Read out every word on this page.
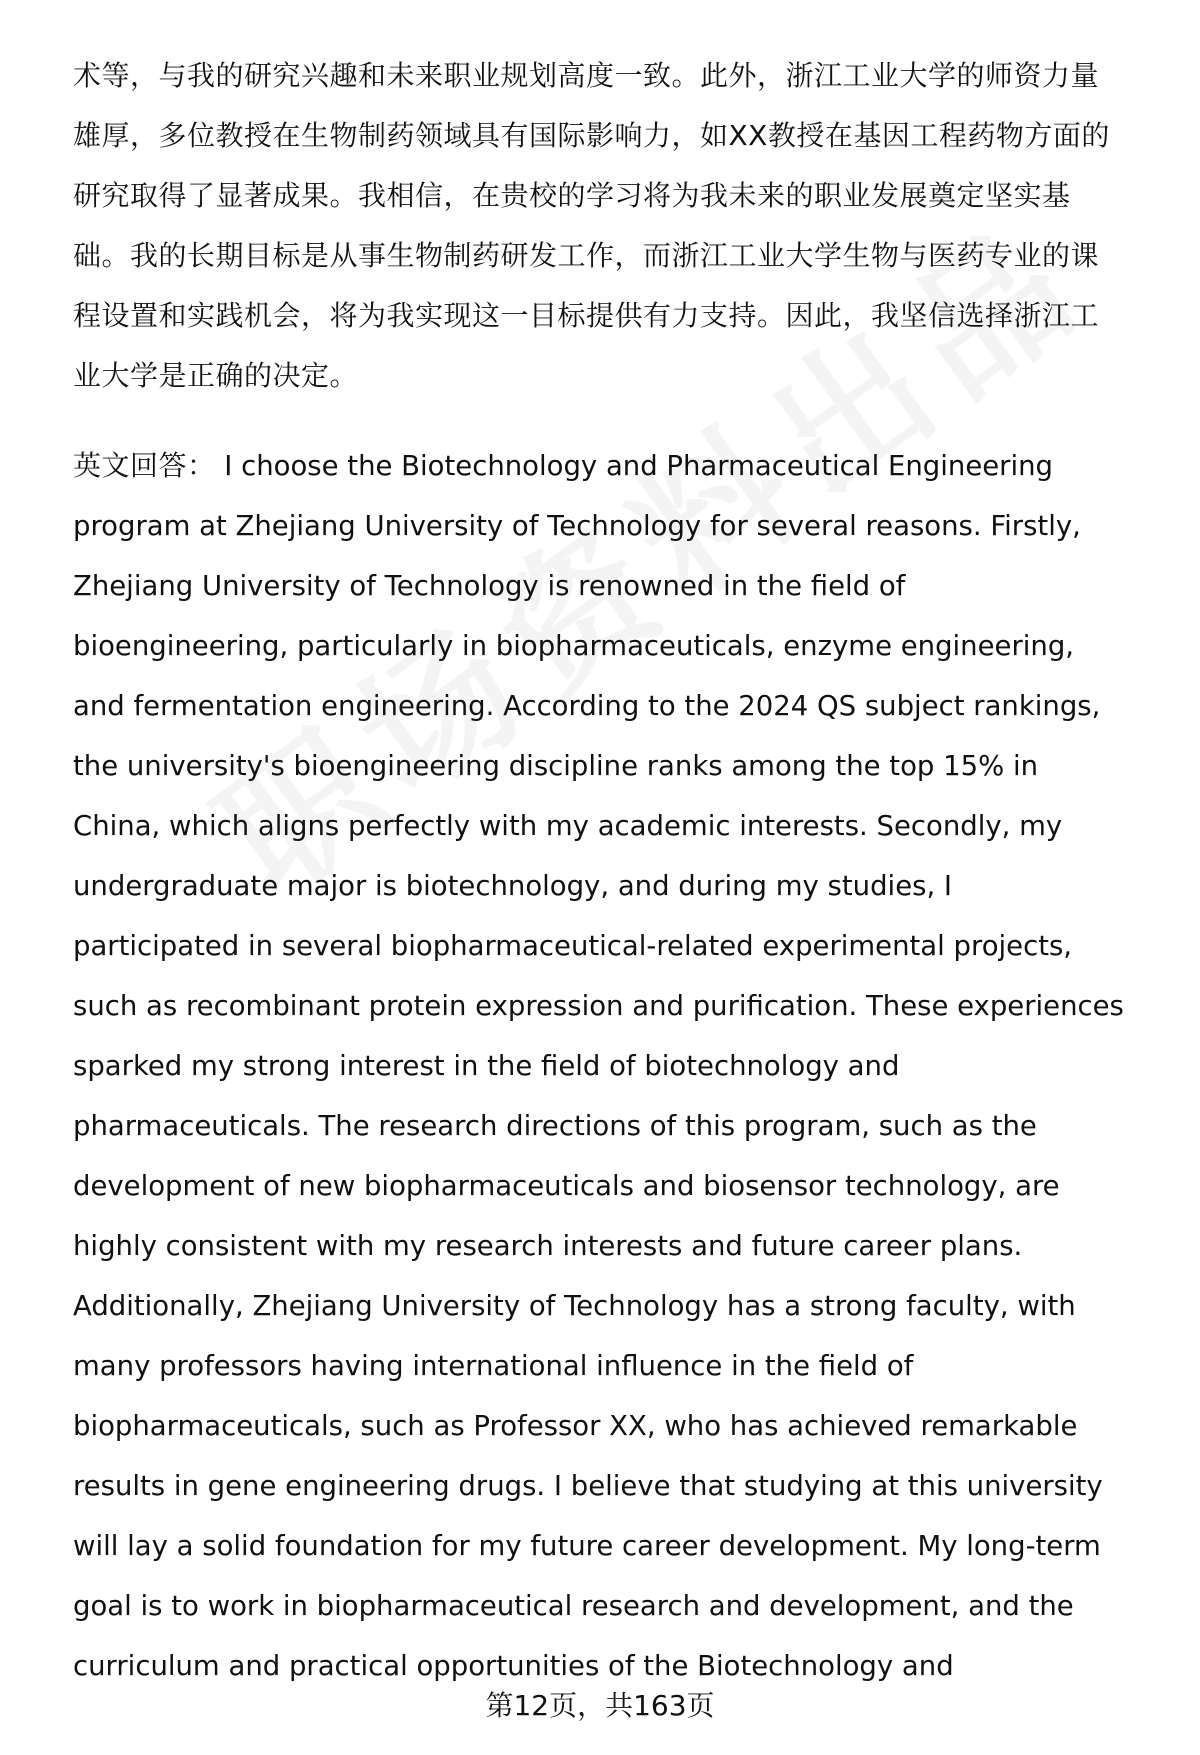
术等，与我的研究兴趣和未来职业规划高度一致。此外，浙江工业大学的师资力量
雄厚，多位教授在生物制药领域具有国际影响力，如XX教授在基因工程药物方面的
研究取得了显著成果。我相信，在贵校的学习将为我未来的职业发展奠定坚实基
础。我的长期目标是从事生物制药研发工作，而浙江工业大学生物与医药专业的课
程设置和实践机会，将为我实现这一目标提供有力支持。因此，我坚信选择浙江工
业大学是正确的决定。
英文回答： I choose the Biotechnology and Pharmaceutical Engineering
program at Zhejiang University of Technology for several reasons. Firstly,
Zhejiang University of Technology is renowned in the field of
bioengineering, particularly in biopharmaceuticals, enzyme engineering,
and fermentation engineering. According to the 2024 QS subject rankings,
the university's bioengineering discipline ranks among the top 15% in
China, which aligns perfectly with my academic interests. Secondly, my
undergraduate major is biotechnology, and during my studies, I
participated in several biopharmaceutical-related experimental projects,
such as recombinant protein expression and purification. These experiences
sparked my strong interest in the field of biotechnology and
pharmaceuticals. The research directions of this program, such as the
development of new biopharmaceuticals and biosensor technology, are
highly consistent with my research interests and future career plans.
Additionally, Zhejiang University of Technology has a strong faculty, with
many professors having international influence in the field of
biopharmaceuticals, such as Professor XX, who has achieved remarkable
results in gene engineering drugs. I believe that studying at this university
will lay a solid foundation for my future career development. My long-term
goal is to work in biopharmaceutical research and development, and the
curriculum and practical opportunities of the Biotechnology and
第12页，共163页
